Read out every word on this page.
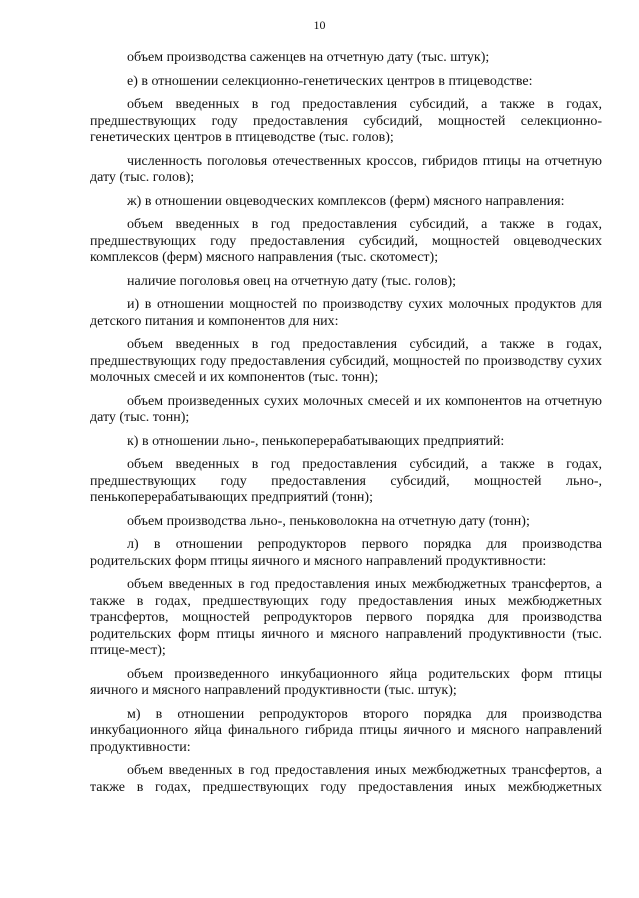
10

объем производства саженцев на отчетную дату (тыс. штук);

е) в отношении селекционно-генетических центров в птицеводстве:

объем введенных в год предоставления субсидий, а также в годах, предшествующих году предоставления субсидий, мощностей селекционно-генетических центров в птицеводстве (тыс. голов);

численность поголовья отечественных кроссов, гибридов птицы на отчетную дату (тыс. голов);

ж) в отношении овцеводческих комплексов (ферм) мясного направления:

объем введенных в год предоставления субсидий, а также в годах, предшествующих году предоставления субсидий, мощностей овцеводческих комплексов (ферм) мясного направления (тыс. скотомест);

наличие поголовья овец на отчетную дату (тыс. голов);

и) в отношении мощностей по производству сухих молочных продуктов для детского питания и компонентов для них:

объем введенных в год предоставления субсидий, а также в годах, предшествующих году предоставления субсидий, мощностей по производству сухих молочных смесей и их компонентов (тыс. тонн);

объем произведенных сухих молочных смесей и их компонентов на отчетную дату (тыс. тонн);

к) в отношении льно-, пенькоперерабатывающих предприятий:

объем введенных в год предоставления субсидий, а также в годах, предшествующих году предоставления субсидий, мощностей льно-, пенькоперерабатывающих предприятий (тонн);

объем производства льно-, пеньковолокна на отчетную дату (тонн);

л) в отношении репродукторов первого порядка для производства родительских форм птицы яичного и мясного направлений продуктивности:

объем введенных в год предоставления иных межбюджетных трансфертов, а также в годах, предшествующих году предоставления иных межбюджетных трансфертов, мощностей репродукторов первого порядка для производства родительских форм птицы яичного и мясного направлений продуктивности (тыс. птице-мест);

объем произведенного инкубационного яйца родительских форм птицы яичного и мясного направлений продуктивности (тыс. штук);

м) в отношении репродукторов второго порядка для производства инкубационного яйца финального гибрида птицы яичного и мясного направлений продуктивности:

объем введенных в год предоставления иных межбюджетных трансфертов, а также в годах, предшествующих году предоставления иных межбюджетных
